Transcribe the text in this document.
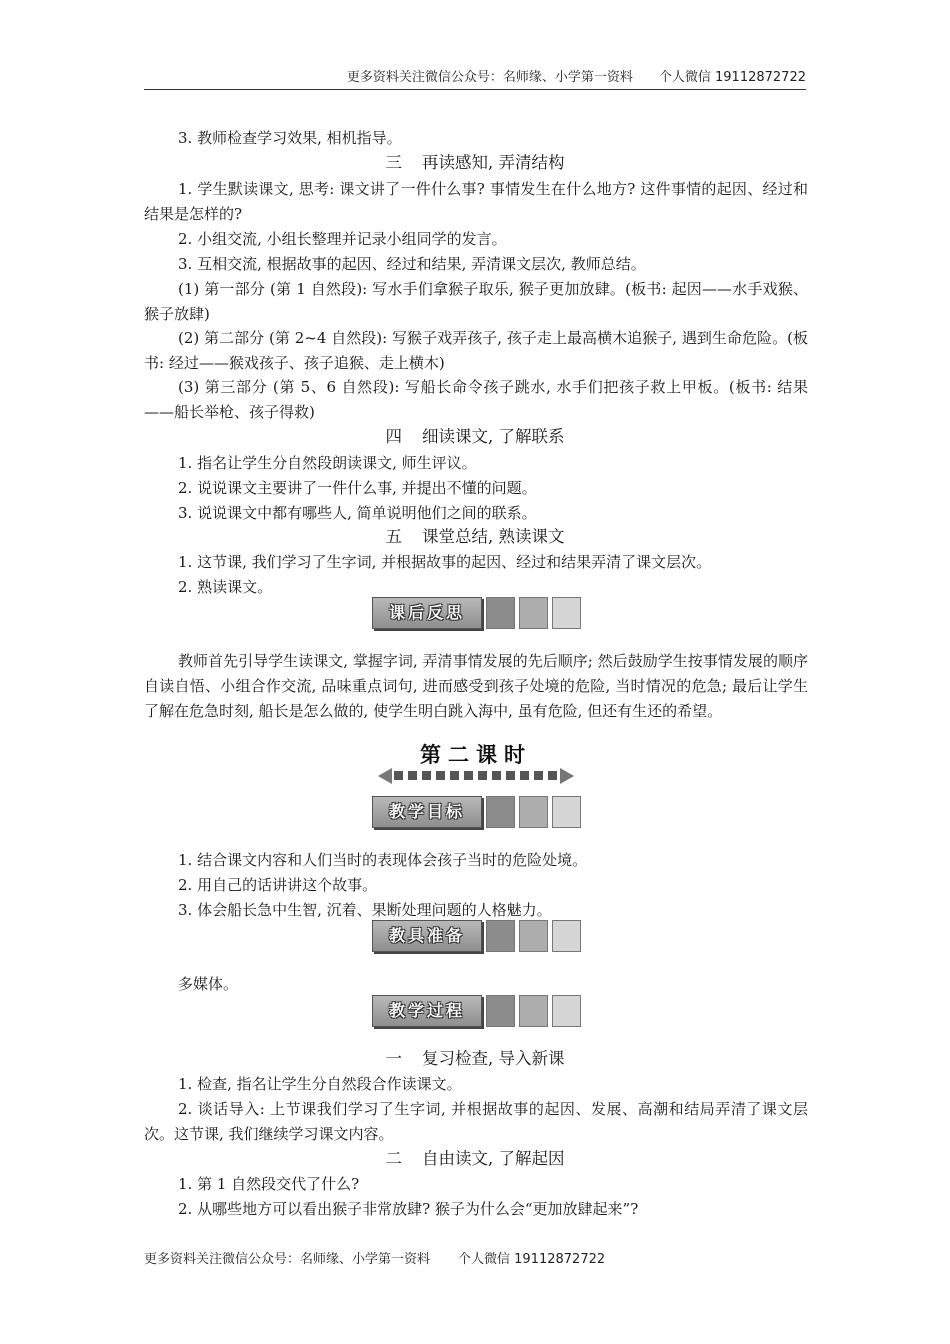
更多资料关注微信公众号：名师缘、小学第一资料 个人微信 19112872722
3. 教师检查学习效果, 相机指导。
三 再读感知, 弄清结构
1. 学生默读课文, 思考: 课文讲了一件什么事? 事情发生在什么地方? 这件事情的起因、经过和结果是怎样的?
2. 小组交流, 小组长整理并记录小组同学的发言。
3. 互相交流, 根据故事的起因、经过和结果, 弄清课文层次, 教师总结。
(1) 第一部分 (第 1 自然段): 写水手们拿猴子取乐, 猴子更加放肆。(板书: 起因——水手戏猴、猴子放肆)
(2) 第二部分 (第 2~4 自然段): 写猴子戏弄孩子, 孩子走上最高横木追猴子, 遇到生命危险。(板书: 经过——猴戏孩子、孩子追猴、走上横木)
(3) 第三部分 (第 5、6 自然段): 写船长命令孩子跳水, 水手们把孩子救上甲板。(板书: 结果——船长举枪、孩子得救)
四 细读课文, 了解联系
1. 指名让学生分自然段朗读课文, 师生评议。
2. 说说课文主要讲了一件什么事, 并提出不懂的问题。
3. 说说课文中都有哪些人, 简单说明他们之间的联系。
五 课堂总结, 熟读课文
1. 这节课, 我们学习了生字词, 并根据故事的起因、经过和结果弄清了课文层次。
2. 熟读课文。
课后反思
教师首先引导学生读课文, 掌握字词, 弄清事情发展的先后顺序; 然后鼓励学生按事情发展的顺序自读自悟、小组合作交流, 品味重点词句, 进而感受到孩子处境的危险, 当时情况的危急; 最后让学生了解在危急时刻, 船长是怎么做的, 使学生明白跳入海中, 虽有危险, 但还有生还的希望。
第二课时
教学目标
1. 结合课文内容和人们当时的表现体会孩子当时的危险处境。
2. 用自己的话讲讲这个故事。
3. 体会船长急中生智, 沉着、果断处理问题的人格魅力。
教具准备
多媒体。
教学过程
一 复习检查, 导入新课
1. 检查, 指名让学生分自然段合作读课文。
2. 谈话导入: 上节课我们学习了生字词, 并根据故事的起因、发展、高潮和结局弄清了课文层次。这节课, 我们继续学习课文内容。
二 自由读文, 了解起因
1. 第 1 自然段交代了什么?
2. 从哪些地方可以看出猴子非常放肆? 猴子为什么会“更加放肆起来”?
更多资料关注微信公众号：名师缘、小学第一资料 个人微信 19112872722
